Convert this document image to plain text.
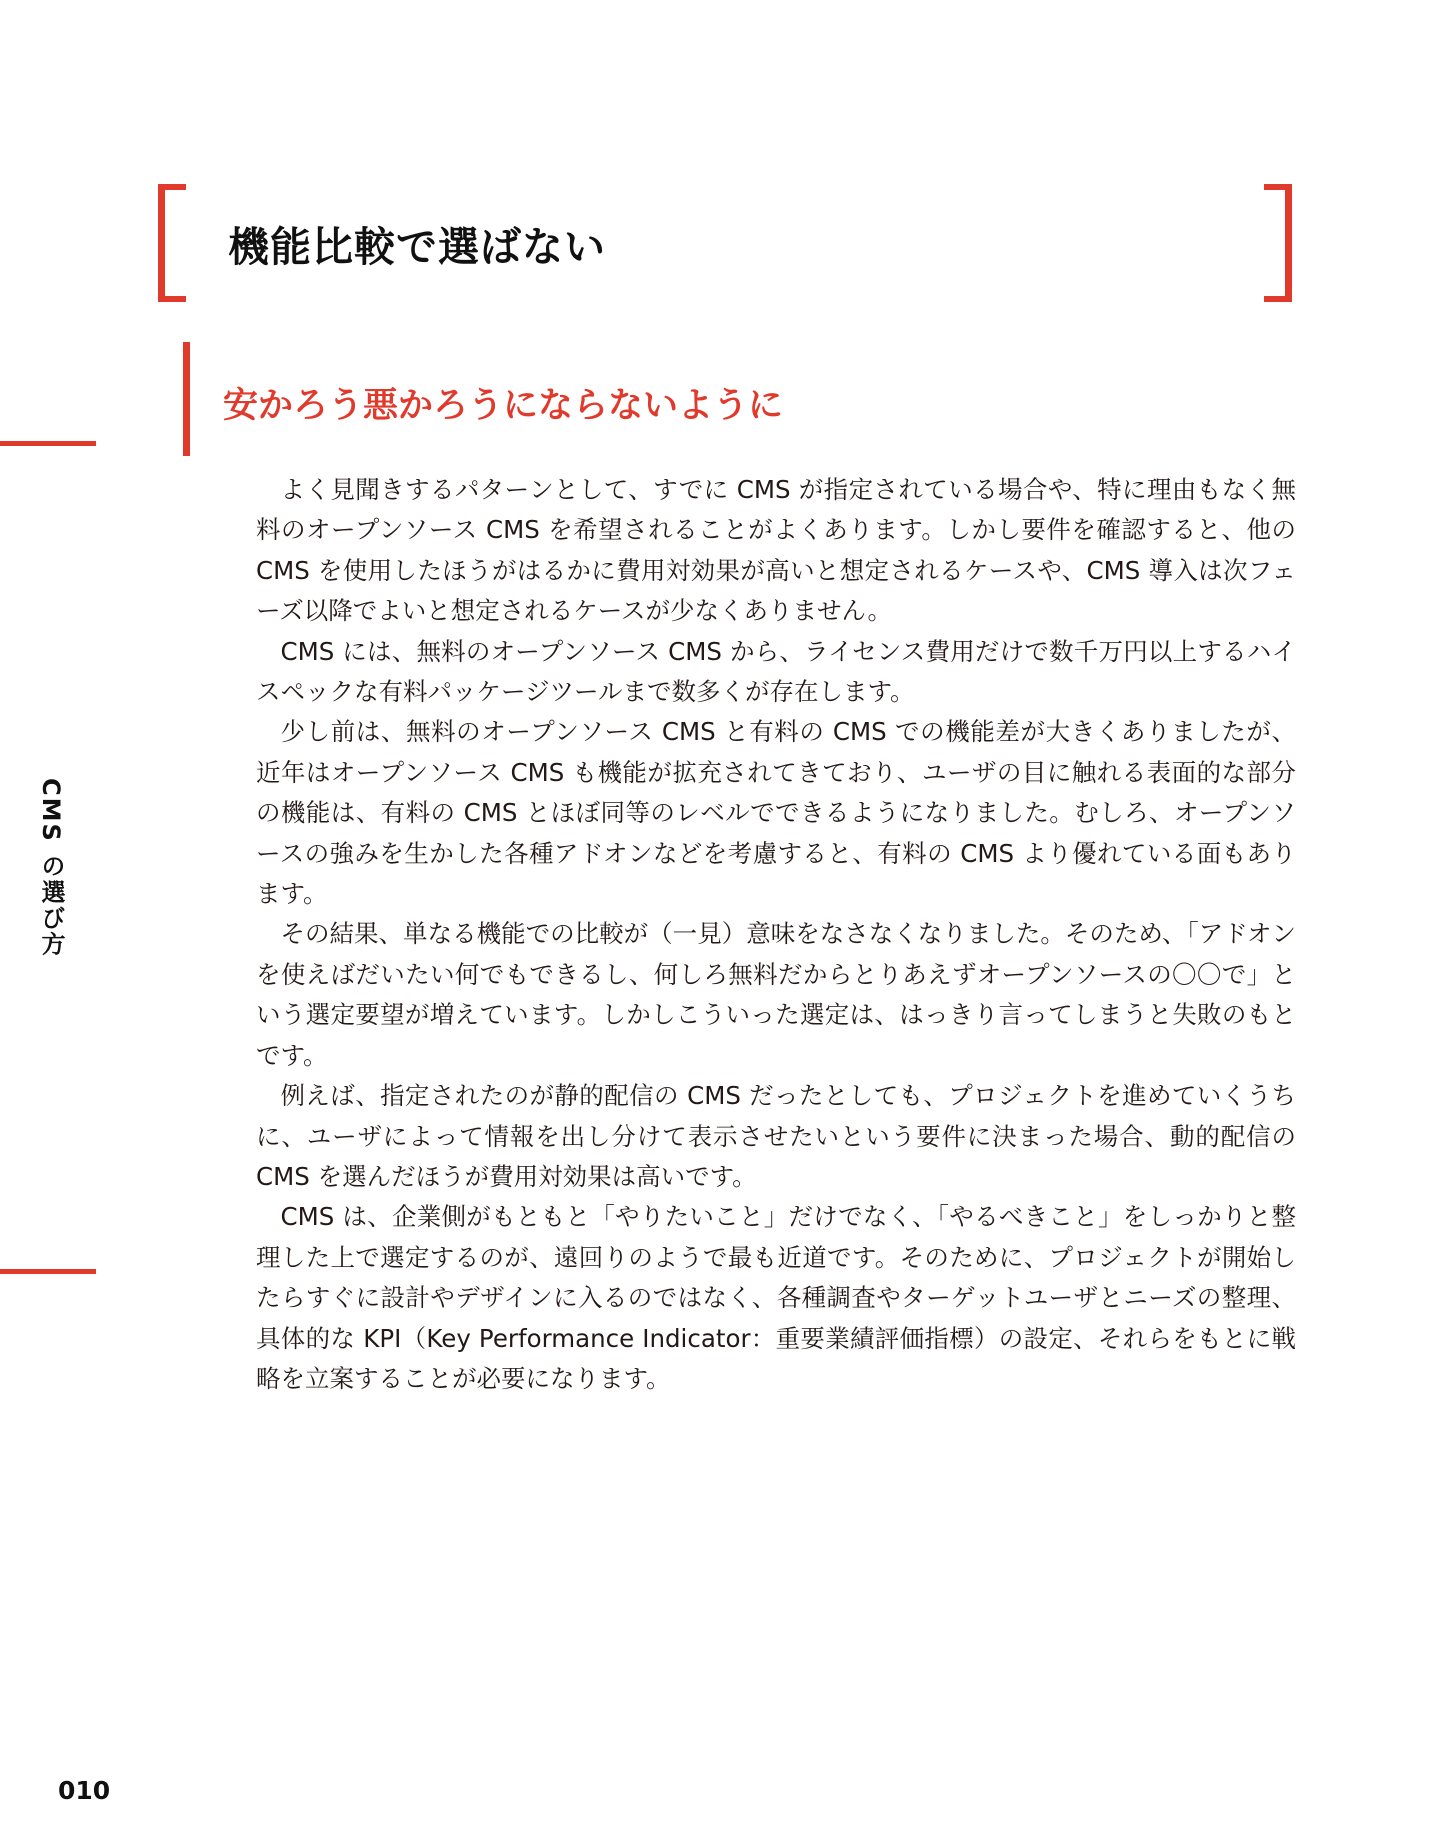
機能比較で選ばない
安かろう悪かろうにならないように
CMS の選び方

よく見聞きするパターンとして、すでに CMS が指定されている場合や、特に理由もなく無料のオープンソース CMS を希望されることがよくあります。しかし要件を確認すると、他の CMS を使用したほうがはるかに費用対効果が高いと想定されるケースや、CMS 導入は次フェーズ以降でよいと想定されるケースが少なくありません。

CMS には、無料のオープンソース CMS から、ライセンス費用だけで数千万円以上するハイスペックな有料パッケージツールまで数多くが存在します。

少し前は、無料のオープンソース CMS と有料の CMS での機能差が大きくありましたが、近年はオープンソース CMS も機能が拡充されてきており、ユーザの目に触れる表面的な部分の機能は、有料の CMS とほぼ同等のレベルでできるようになりました。むしろ、オープンソースの強みを生かした各種アドオンなどを考慮すると、有料の CMS より優れている面もあります。

その結果、単なる機能での比較が（一見）意味をなさなくなりました。そのため、「アドオンを使えばだいたい何でもできるし、何しろ無料だからとりあえずオープンソースの〇〇で」という選定要望が増えています。しかしこういった選定は、はっきり言ってしまうと失敗のもとです。

例えば、指定されたのが静的配信の CMS だったとしても、プロジェクトを進めていくうちに、ユーザによって情報を出し分けて表示させたいという要件に決まった場合、動的配信の CMS を選んだほうが費用対効果は高いです。

CMS は、企業側がもともと「やりたいこと」だけでなく、「やるべきこと」をしっかりと整理した上で選定するのが、遠回りのようで最も近道です。そのために、プロジェクトが開始したらすぐに設計やデザインに入るのではなく、各種調査やターゲットユーザとニーズの整理、具体的な KPI（Key Performance Indicator：重要業績評価指標）の設定、それらをもとに戦略を立案することが必要になります。

010
